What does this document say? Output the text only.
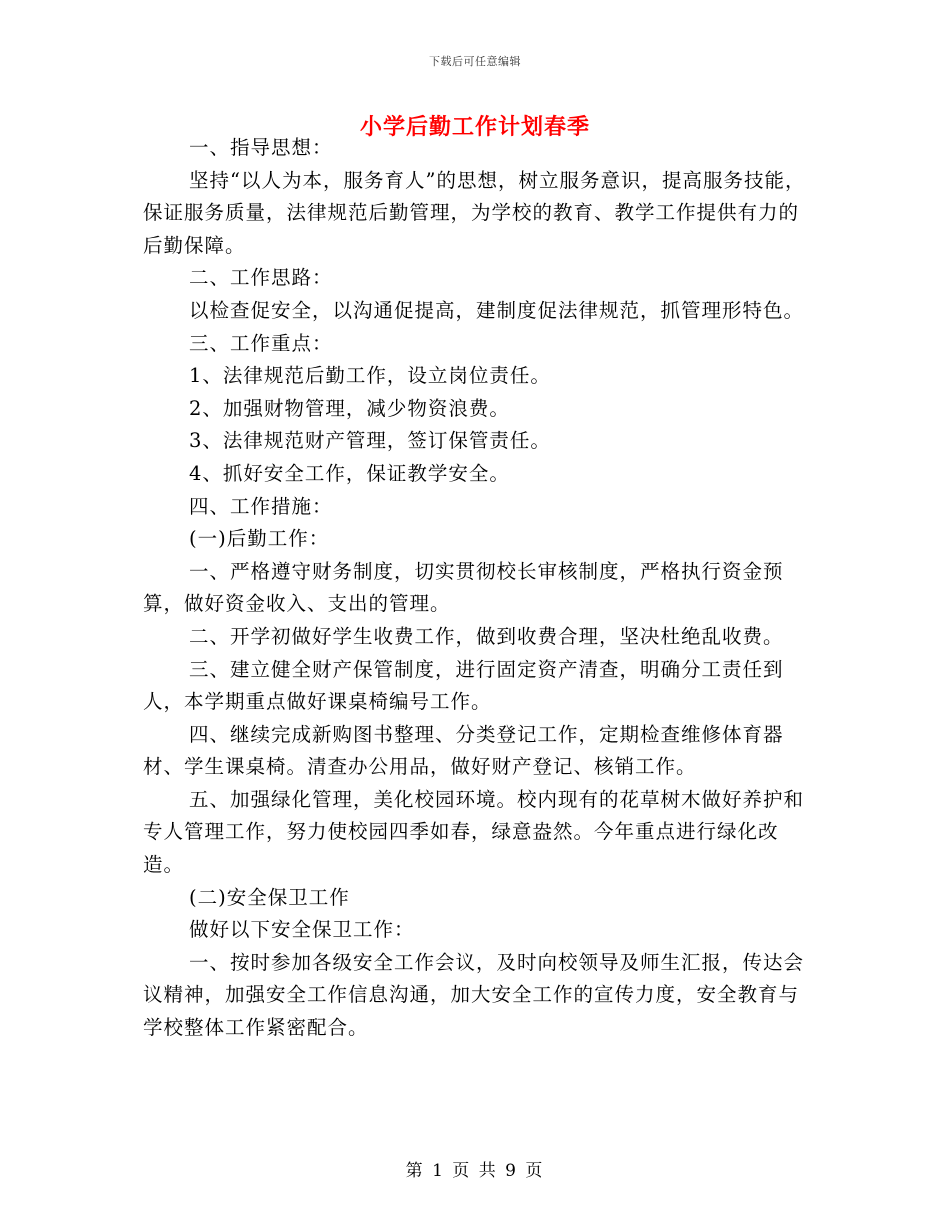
下载后可任意编辑
小学后勤工作计划春季

一、指导思想：

坚持“以人为本，服务育人”的思想，树立服务意识，提高服务技能，保证服务质量，法律规范后勤管理，为学校的教育、教学工作提供有力的后勤保障。

二、工作思路：

以检查促安全，以沟通促提高，建制度促法律规范，抓管理形特色。

三、工作重点：

1、法律规范后勤工作，设立岗位责任。

2、加强财物管理，减少物资浪费。

3、法律规范财产管理，签订保管责任。

4、抓好安全工作，保证教学安全。

四、工作措施：

(一)后勤工作：

一、严格遵守财务制度，切实贯彻校长审核制度，严格执行资金预算，做好资金收入、支出的管理。

二、开学初做好学生收费工作，做到收费合理，坚决杜绝乱收费。

三、建立健全财产保管制度，进行固定资产清查，明确分工责任到人，本学期重点做好课桌椅编号工作。

四、继续完成新购图书整理、分类登记工作，定期检查维修体育器材、学生课桌椅。清查办公用品，做好财产登记、核销工作。

五、加强绿化管理，美化校园环境。校内现有的花草树木做好养护和专人管理工作，努力使校园四季如春，绿意盎然。今年重点进行绿化改造。

(二)安全保卫工作

做好以下安全保卫工作：

一、按时参加各级安全工作会议，及时向校领导及师生汇报，传达会议精神，加强安全工作信息沟通，加大安全工作的宣传力度，安全教育与学校整体工作紧密配合。

第 1 页 共 9 页
